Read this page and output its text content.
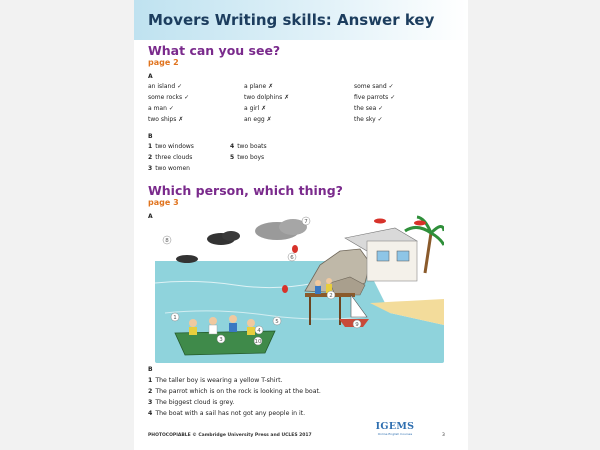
Movers Writing skills: Answer key
What can you see?
page 2
A
an island ✓
some rocks ✓
a man ✓
two ships ✗
a plane ✗
two dolphins ✗
a girl ✗
an egg ✗
some sand ✓
five parrots ✓
the sea ✓
the sky ✓
B
1 two windows
2 three clouds
3 two women
4 two boats
5 two boys
Which person, which thing?
page 3
A
1
2
3
4
5
6
7
8
9
10
B
1 The taller boy is wearing a yellow T-shirt.
2 The parrot which is on the rock is looking at the boat.
3 The biggest cloud is grey.
4 The boat with a sail has not got any people in it.
IGEMS
Online English Courses
PHOTOCOPIABLE © Cambridge University Press and UCLES 2017	3
